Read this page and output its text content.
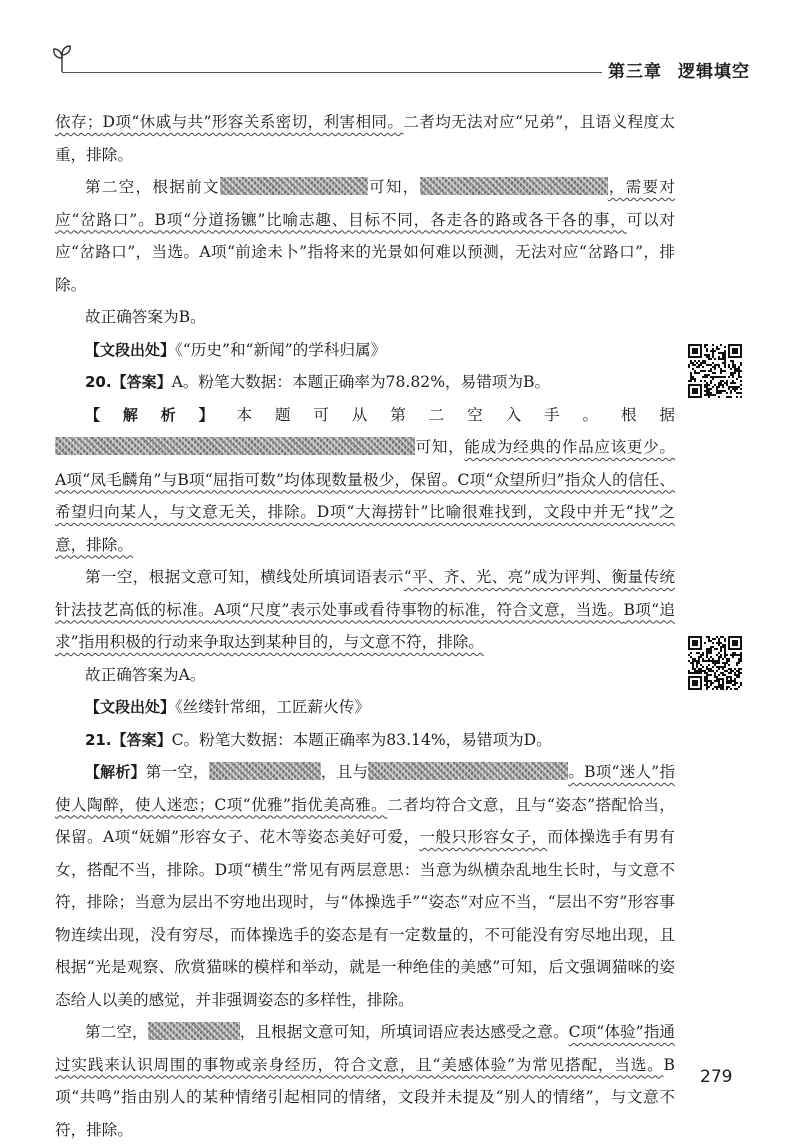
第三章 逻辑填空

依存；D项“休戚与共”形容关系密切，利害相同。二者均无法对应“兄弟”，且语义程度太重，排除。

第二空，根据前文	可知，	，需要对应“岔路口”。B项“分道扬镳”比喻志趣、目标不同，各走各的路或各干各的事，可以对应“岔路口”，当选。A项“前途未卜”指将来的光景如何难以预测，无法对应“岔路口”，排除。

故正确答案为B。

【文段出处】《“历史”和“新闻”的学科归属》

20.【答案】A。粉笔大数据：本题正确率为78.82%，易错项为B。

【解析】本题可从第二空入手。根据可知，能成为经典的作品应该更少。A项“凤毛麟角”与B项“屈指可数”均体现数量极少，保留。C项“众望所归”指众人的信任、希望归向某人，与文意无关，排除。D项“大海捞针”比喻很难找到，文段中并无“找”之意，排除。

第一空，根据文意可知，横线处所填词语表示“平、齐、光、亮”成为评判、衡量传统针法技艺高低的标准。A项“尺度”表示处事或看待事物的标准，符合文意，当选。B项“追求”指用积极的行动来争取达到某种目的，与文意不符，排除。

故正确答案为A。

【文段出处】《丝缕针常细，工匠薪火传》

21.【答案】C。粉笔大数据：本题正确率为83.14%，易错项为D。

【解析】第一空，	，且与	。B项“迷人”指使人陶醉，使人迷恋；C项“优雅”指优美高雅。二者均符合文意，且与“姿态”搭配恰当，保留。A项“妩媚”形容女子、花木等姿态美好可爱，一般只形容女子，而体操选手有男有女，搭配不当，排除。D项“横生”常见有两层意思：当意为纵横杂乱地生长时，与文意不符，排除；当意为层出不穷地出现时，与“体操选手”“姿态”对应不当，“层出不穷”形容事物连续出现，没有穷尽，而体操选手的姿态是有一定数量的，不可能没有穷尽地出现，且根据“光是观察、欣赏猫咪的模样和举动，就是一种绝佳的美感”可知，后文强调猫咪的姿态给人以美的感觉，并非强调姿态的多样性，排除。

第二空，	，且根据文意可知，所填词语应表达感受之意。C项“体验”指通过实践来认识周围的事物或亲身经历，符合文意，且“美感体验”为常见搭配，当选。B项“共鸣”指由别人的某种情绪引起相同的情绪，文段并未提及“别人的情绪”，与文意不符，排除。

279
